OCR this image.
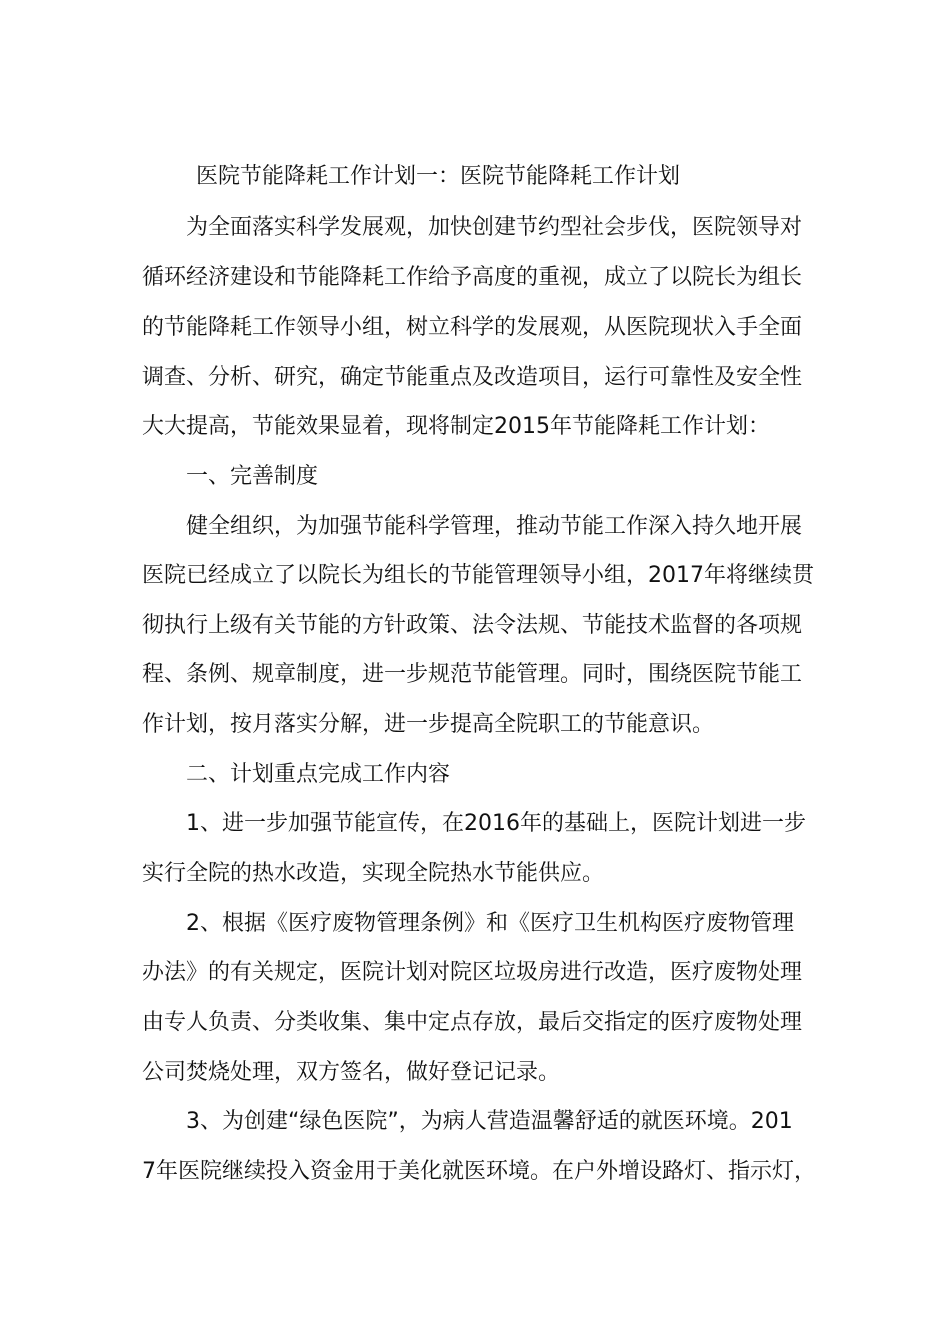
医院节能降耗工作计划一：医院节能降耗工作计划
　　为全面落实科学发展观，加快创建节约型社会步伐，医院领导对
循环经济建设和节能降耗工作给予高度的重视，成立了以院长为组长
的节能降耗工作领导小组，树立科学的发展观，从医院现状入手全面
调查、分析、研究，确定节能重点及改造项目，运行可靠性及安全性
大大提高，节能效果显着，现将制定2015年节能降耗工作计划：
　　一、完善制度
　　健全组织，为加强节能科学管理，推动节能工作深入持久地开展
医院已经成立了以院长为组长的节能管理领导小组，2017年将继续贯
彻执行上级有关节能的方针政策、法令法规、节能技术监督的各项规
程、条例、规章制度，进一步规范节能管理。同时，围绕医院节能工
作计划，按月落实分解，进一步提高全院职工的节能意识。
　　二、计划重点完成工作内容
　　1、进一步加强节能宣传，在2016年的基础上，医院计划进一步
实行全院的热水改造，实现全院热水节能供应。
　　2、根据《医疗废物管理条例》和《医疗卫生机构医疗废物管理
办法》的有关规定，医院计划对院区垃圾房进行改造，医疗废物处理
由专人负责、分类收集、集中定点存放，最后交指定的医疗废物处理
公司焚烧处理，双方签名，做好登记记录。
　　3、为创建“绿色医院”，为病人营造温馨舒适的就医环境。201
7年医院继续投入资金用于美化就医环境。在户外增设路灯、指示灯，
